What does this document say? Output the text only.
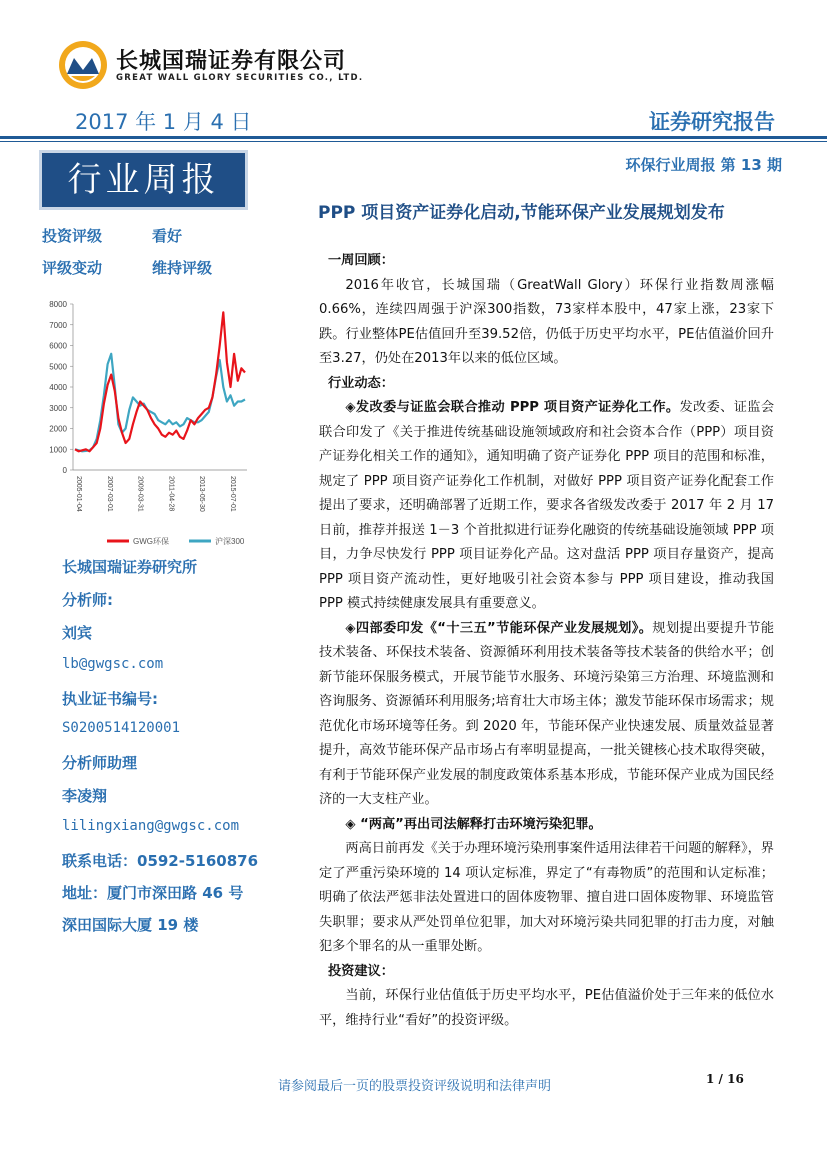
长城国瑞证券有限公司
GREAT WALL GLORY SECURITIES CO., LTD.
2017 年 1 月 4 日	证券研究报告
行业周报
投资评级	看好
评级变动	维持评级
0
1000
2000
3000
4000
5000
6000
7000
8000
2005-01-04	2007-03-01	2009-03-31	2011-04-28	2013-05-30	2015-07-01
GWG环保	沪深300
长城国瑞证券研究所
分析师:
刘宾
lb@gwgsc.com
执业证书编号:
S0200514120001
分析师助理
李凌翔
lilingxiang@gwgsc.com
联系电话：0592-5160876
地址：厦门市深田路 46 号
深田国际大厦 19 楼
环保行业周报 第 13 期
PPP 项目资产证券化启动,节能环保产业发展规划发布

一周回顾：

2016年收官，长城国瑞（GreatWall Glory）环保行业指数周涨幅 0.66%，连续四周强于沪深300指数，73家样本股中，47家上涨，23家下跌。行业整体PE估值回升至39.52倍，仍低于历史平均水平，PE估值溢价回升至3.27，仍处在2013年以来的低位区域。

行业动态：

◈发改委与证监会联合推动 PPP 项目资产证券化工作。发改委、证监会联合印发了《关于推进传统基础设施领域政府和社会资本合作（PPP）项目资产证券化相关工作的通知》，通知明确了资产证券化 PPP 项目的范围和标准，规定了 PPP 项目资产证券化工作机制，对做好 PPP 项目资产证券化配套工作提出了要求，还明确部署了近期工作，要求各省级发改委于 2017 年 2 月 17 日前，推荐并报送 1－3 个首批拟进行证券化融资的传统基础设施领域 PPP 项目，力争尽快发行 PPP 项目证券化产品。这对盘活 PPP 项目存量资产，提高 PPP 项目资产流动性，更好地吸引社会资本参与 PPP 项目建设，推动我国 PPP 模式持续健康发展具有重要意义。

◈四部委印发《“十三五”节能环保产业发展规划》。规划提出要提升节能技术装备、环保技术装备、资源循环利用技术装备等技术装备的供给水平；创新节能环保服务模式，开展节能节水服务、环境污染第三方治理、环境监测和咨询服务、资源循环利用服务;培育壮大市场主体；激发节能环保市场需求；规范优化市场环境等任务。到 2020 年，节能环保产业快速发展、质量效益显著提升，高效节能环保产品市场占有率明显提高，一批关键核心技术取得突破，有利于节能环保产业发展的制度政策体系基本形成，节能环保产业成为国民经济的一大支柱产业。

◈ “两高”再出司法解释打击环境污染犯罪。

两高日前再发《关于办理环境污染刑事案件适用法律若干问题的解释》，界定了严重污染环境的 14 项认定标准，界定了“有毒物质”的范围和认定标准；明确了依法严惩非法处置进口的固体废物罪、擅自进口固体废物罪、环境监管失职罪；要求从严处罚单位犯罪，加大对环境污染共同犯罪的打击力度，对触犯多个罪名的从一重罪处断。

投资建议：

当前，环保行业估值低于历史平均水平，PE估值溢价处于三年来的低位水平，维持行业“看好”的投资评级。

请参阅最后一页的股票投资评级说明和法律声明	1 / 16
